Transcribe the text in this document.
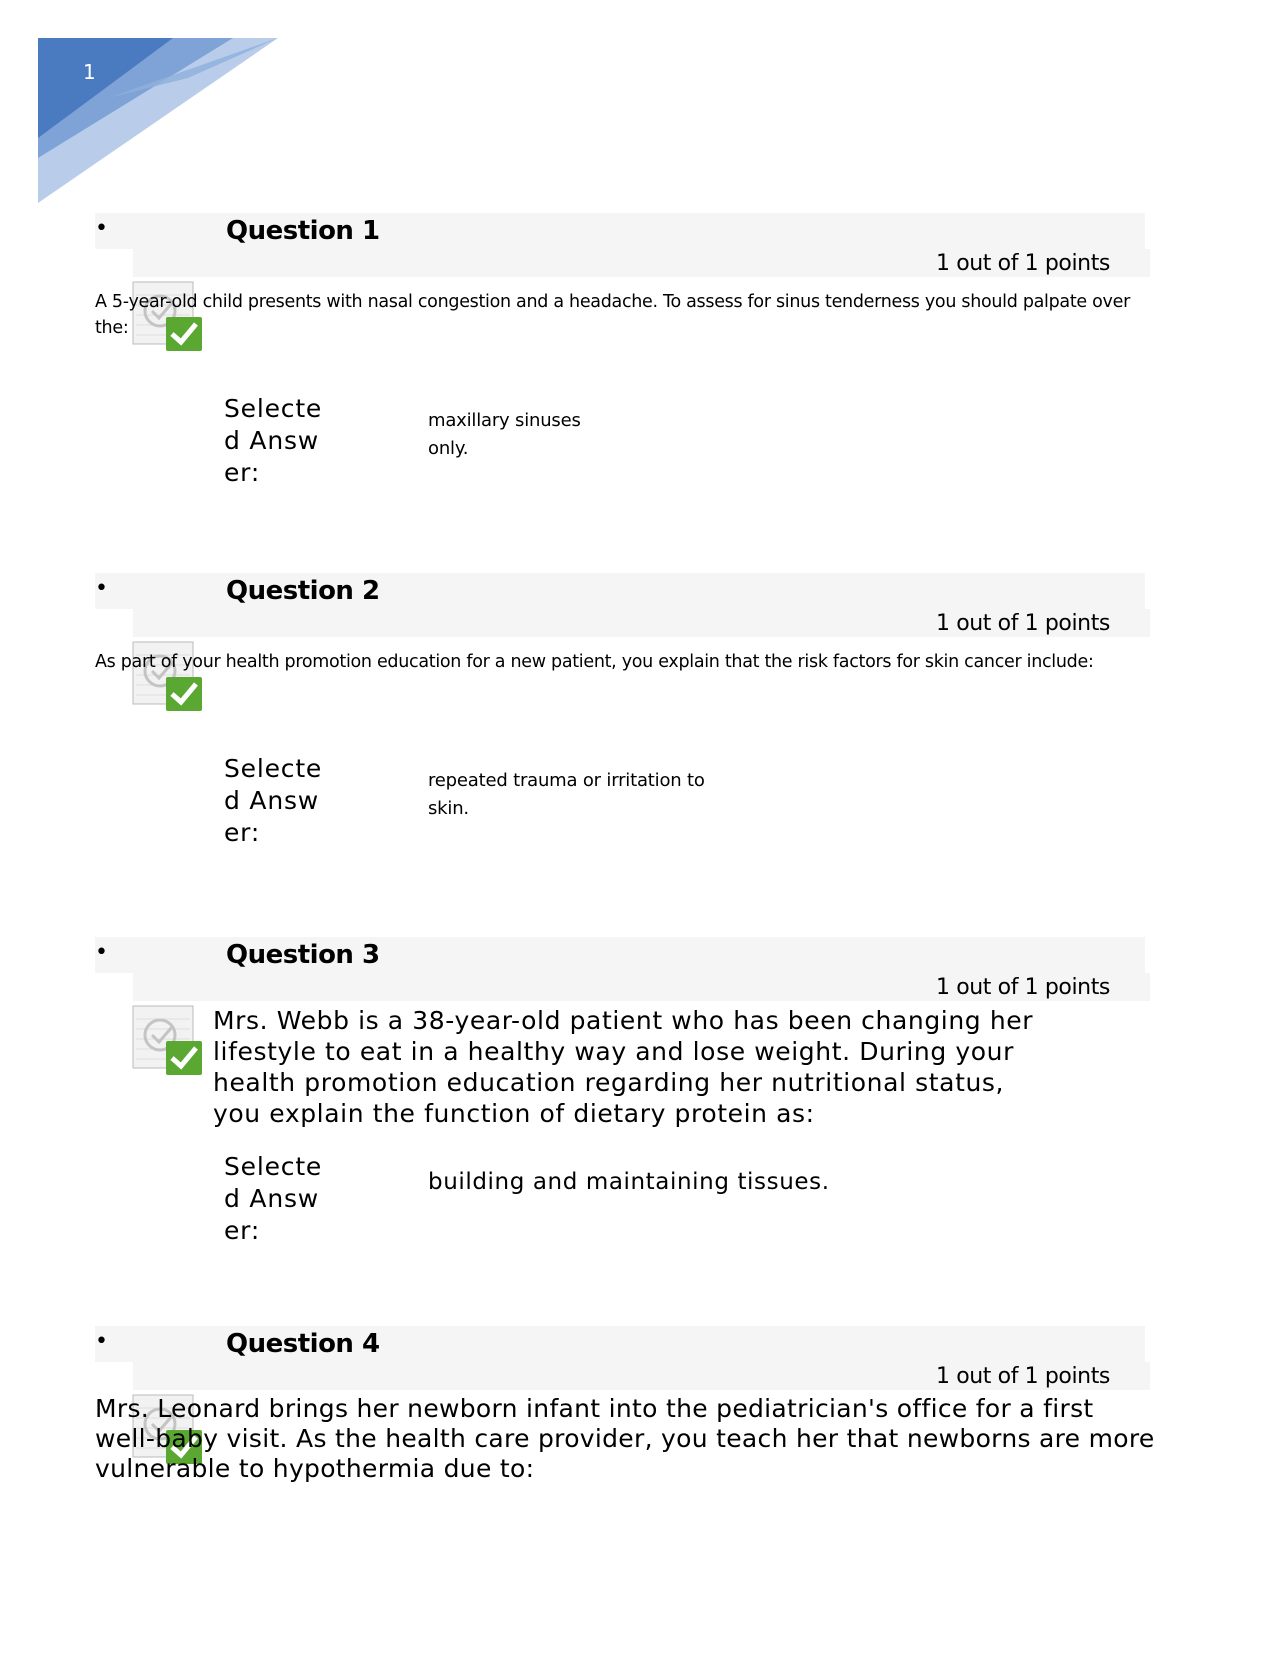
1
•	Question 1
1 out of 1 points
A 5-year-old child presents with nasal congestion and a headache. To assess for sinus tenderness you should palpate over the:
Selected Answer:
maxillary sinuses only.
•	Question 2
1 out of 1 points
As part of your health promotion education for a new patient, you explain that the risk factors for skin cancer include:
Selected Answer:
repeated trauma or irritation to skin.
•	Question 3
1 out of 1 points
Mrs. Webb is a 38-year-old patient who has been changing her lifestyle to eat in a healthy way and lose weight. During your health promotion education regarding her nutritional status, you explain the function of dietary protein as:
Selected Answer:
building and maintaining tissues.
•	Question 4
1 out of 1 points
Mrs. Leonard brings her newborn infant into the pediatrician's office for a first well-baby visit. As the health care provider, you teach her that newborns are more vulnerable to hypothermia due to:
